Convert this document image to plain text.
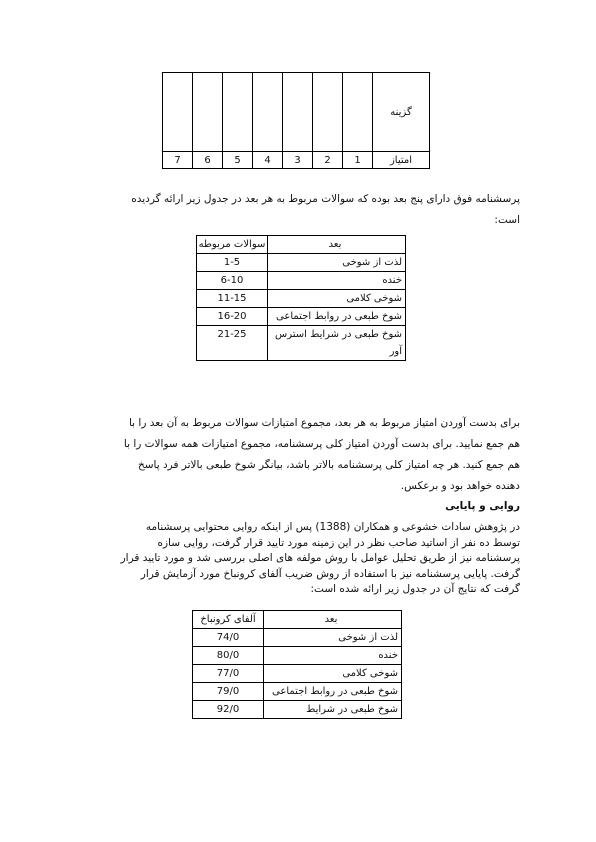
گزینه							
امتیاز	1	2	3	4	5	6	7
پرسشنامه فوق دارای پنج بعد بوده که سوالات مربوط به هر بعد در جدول زیر ارائه گردیده
است:
بعد	سوالات مربوطه
لذت از شوخی	1-5
خنده	6-10
شوخی کلامی	11-15
شوخ طبعی در روابط اجتماعی	16-20
شوخ طبعی در شرایط استرس آور	21-25
برای بدست آوردن امتیاز مربوط به هر بعد، مجموع امتیازات سوالات مربوط به آن بعد را با
هم جمع نمایید. برای بدست آوردن امتیاز کلی پرسشنامه، مجموع امتیازات همه سوالات را با
هم جمع کنید. هر چه امتیاز کلی پرسشنامه بالاتر باشد، بیانگر شوخ طبعی بالاتر فرد پاسخ
دهنده خواهد بود و برعکس.
روایی و پایایی
در پژوهش سادات خشوعی و همکاران (1388) پس از اینکه روایی محتوایی پرسشنامه
توسط ده نفر از اساتید صاحب نظر در این زمینه مورد تایید قرار گرفت، روایی سازه
پرسشنامه نیز از طریق تحلیل عوامل با روش مولفه های اصلی بررسی شد و مورد تایید قرار
گرفت. پایایی پرسشنامه نیز با استفاده از روش ضریب آلفای کرونباخ مورد آزمایش قرار
گرفت که نتایج آن در جدول زیر ارائه شده است:
بعد	آلفای کرونباخ
لذت از شوخی	74/0
خنده	80/0
شوخی کلامی	77/0
شوخ طبعی در روابط اجتماعی	79/0
شوخ طبعی در شرایط	92/0
